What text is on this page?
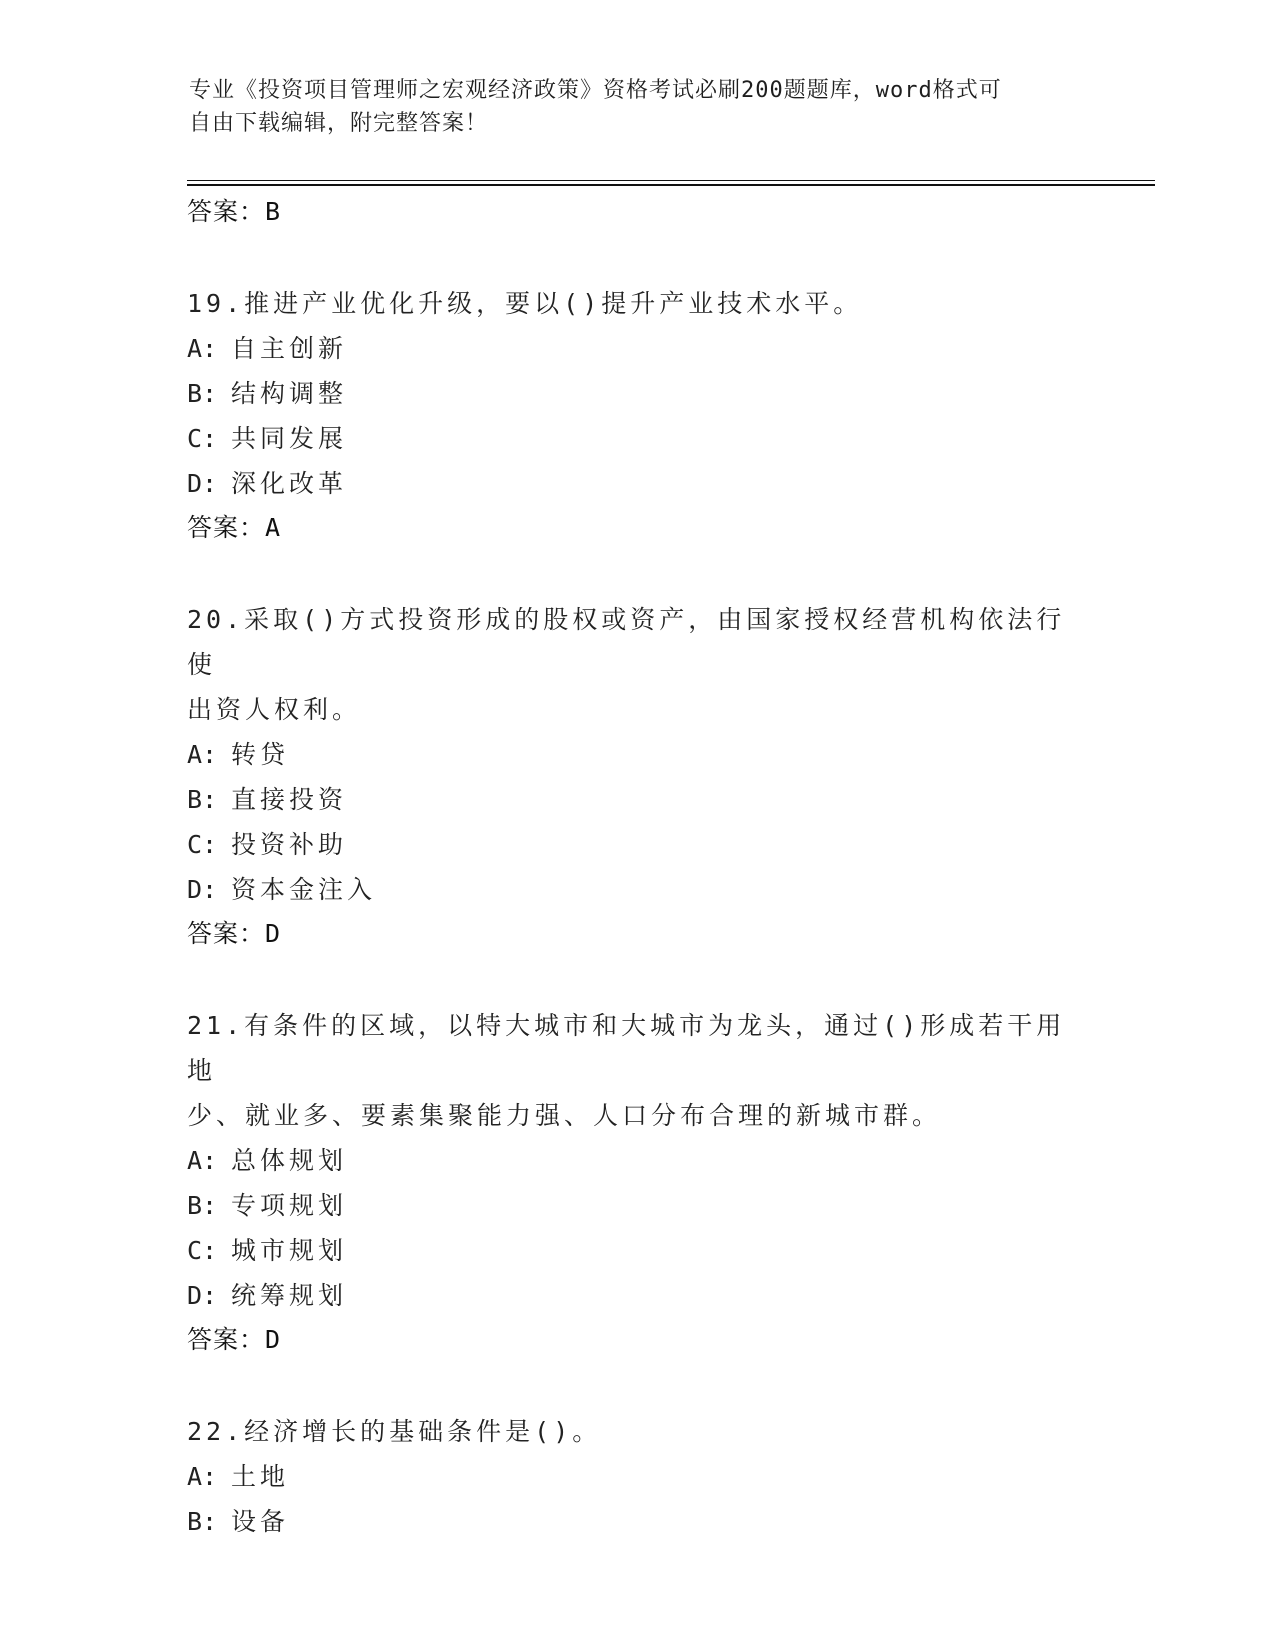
专业《投资项目管理师之宏观经济政策》资格考试必刷200题题库，word格式可
自由下载编辑，附完整答案！
答案：B
19.推进产业优化升级，要以()提升产业技术水平。
A: 自主创新
B: 结构调整
C: 共同发展
D: 深化改革
答案：A
20.采取()方式投资形成的股权或资产，由国家授权经营机构依法行使
出资人权利。
A: 转贷
B: 直接投资
C: 投资补助
D: 资本金注入
答案：D
21.有条件的区域，以特大城市和大城市为龙头，通过()形成若干用地
少、就业多、要素集聚能力强、人口分布合理的新城市群。
A: 总体规划
B: 专项规划
C: 城市规划
D: 统筹规划
答案：D
22.经济增长的基础条件是()。
A: 土地
B: 设备
